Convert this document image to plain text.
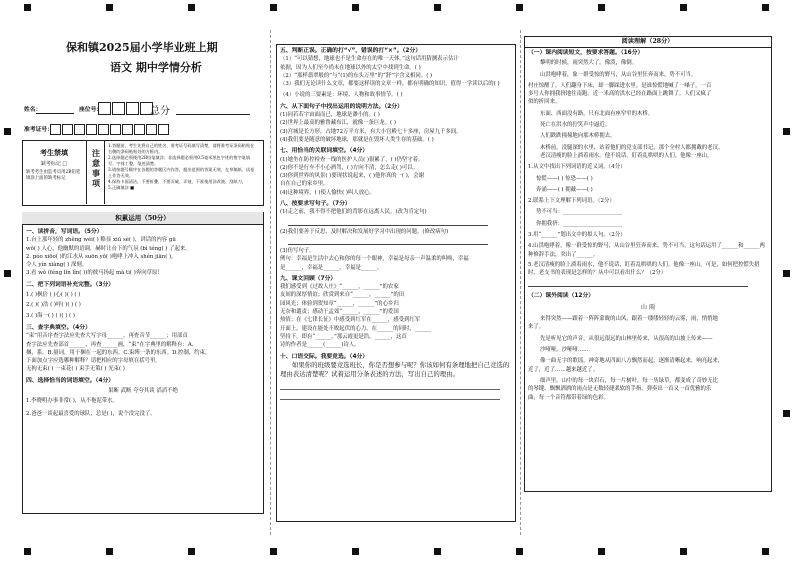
保和镇2025届小学毕业班上期
语文 期中学情分析
姓名：	座位号：	总分
准考证号：
考生禁填
缺考标记 □
缺考考生由监考员用2B铅笔填涂上面的缺考标记
注意事项
1.答题前，考生先将自己的姓名、准考证号码填写清楚，请将准考证条码粘贴在右侧的条码粘贴处的方框内。
2.选择题必须使用2B铅笔填涂；非选择题必须用0.5毫米黑色字迹的签字笔填写，字体工整，笔迹清楚。
3.请按题号顺序在各题的答题区内作答，超出范围的答案无效，在草稿纸、试卷上作答无效。
4.保持卡面清洁，不要折叠、不要弄破、弄皱，不准使用涂改液、刮纸刀。
5.正确填涂 ■
积累运用（50分）
一、读拼音，写词语。（5分）
1.台上那年轻的 zhěng wéi( ) 略显 xiū sè( )，讲话的内容 gū
wǒ( ) 人心，他幽默的语调，赫时让台下的气氛 (bì téng( ) 了起来。
2. póo xiōo( )的江水从 suōn yǒ( )咆哮上冲入 shěn jiān( )，
令人 yín xiàng( ) 深刻。
3.看 wǒ (féng lǐn lǐn( ))的彼马扬起 mǎ ti( )奔向草原！
二、把下列词语补充完整。（3分）
1.( )枫倍 ( )心( )( ) ( )
2.( )( )浩 ( )呼( )( ) ( )
3.( )海一( ) ( )( ) ( )
三、查字典填空。（4分）
“束”用音序查字法应先查大写字母______，再查音节______；用部首
查字法应先查部首______，再查______画，“束”在字典里的解释有：A.
捆，系。B.量词，用于捆在一起的东西。C.束缚一条的东西。D.控制，约束。
下面加点字应选哪种解释？请把相应的字母填在括号里。
无拘无束( ) 一束花( ) 束手无策( ) 光束( )
四、选择恰当的词语填空。（4分）
果断 武断 夸夸其谈 滔滔不绝
1.李晓明办事非常( )，从不拖泥带水。
2.爸爸一谈起最喜爱的球队，总是( )，说个没完没了。
五、判断正误。正确的打“√”，错误的打“×”。（2分）
（1）“可以猜想，地球也不是生命存在的唯一天体。”这句话用猜测表示估计
依据，因为人们至今尚未在地球以外的太空中找到生命。( )
（2）“那样翡翠般的”与“(1)的东头万里”的“舒”字含义相同。( )
（3）我们无论读什么文章，都要这样读的文章一样，都有明确的知识，值得一学读以后的( )
（4）小说的三要素是：环境、人物和故事情节。( )
六、从下面句子中找出运用的说明方法。（2分）
(1)同若若宇宙面而已，地球是渺小的。( )
(2)世界上最高的雅鲁藏布江，就像一条巨龙。( )
(3)宫城是长方形，占地72万平方米，有大小宫殿七十多座，房屋九千多间。
(4)我们要是随意的破坏地球，那就是在毁坏人类生存的基础。( )
七、用恰当的关联词填空。（4分）
(1)她坐在防控检查一线的医护人员( )很累了，( )仍坚守着。
(2)你不是行车不小心酒驾，( )方向不清，怎么走( )可以。
(3)你到世界的风景( )要现状说起来，( )他你真的一( )，会谢
自在自己的家乡里。
(4)这种境界，( )使人愉快( )叫人放心。
八、按要求写句子。（7分）
(1)走之前，我不得不把他们的背影在远离人民。(改为肯定句)
(2)我们要善于反思，及时解决和发展好学习中出现的问题。(修改病句)
(3)仿写句子。
例句：幸福是生活中去心和你的每一个眼神，幸福是母亲一声温柔的叫唤，幸福
是______，幸福是______，幸福是______。
九、课文回顾（7分）
我们感受到《过故人庄》“______，______”的农家
友间的深厚情谊；欣赏到来自“______，______”的田
园风光；体验到贺知章“______，______”的心乡归
无奈和谴责；感动于孟郊“______，______”的爱国
热情；在《七律长征》中感受到红军在______，感受到红军
开面上，建设在能处不败起伏的心力。在______的同时，______
坚持下，即有“______，”那云霞更是浩，______，这首
诗的作者是______(______)诗人。
十、口语交际。我要竞选。（4分）
如果你的班级要竞选班长，你是否想参与呢？你该如何有条理地把自己竞选的理由表达清楚呢？试着运用分条表述的方法，写出自己的理由。
阅读理解（28分）
（一）课内阅读短文，按要求答题。（16分）
黎明的时候，雨突然大了。像泼，像倒。
山洪咆哮着，象一群受惊的野马，从山谷里狂奔而来，势不可当。
村庄惊醒了。人们翻身下床，却一脚踩进水里。是谁惊慌地喊了一嗓子，一百
多号人你拥我挤地往南跑。近一米高的洪水已经在路面上跳舞了。人们又疯了
似的折回来。
东面、西面没有路，只有北面有座窄窄的木桥。
死亡在洪水的狞笑声中逼近。
人们跌跌撞撞地向那木桥拥去。
木桥前，没腿深的水里，站着他们的党支部书记，那个全村人都拥戴的老汉。
老汉清瘦的脸上淌着雨水。他不说话，盯着乱哄哄的人们。他像一座山。
1.从文中找出下列词语的近义词。（4分）
惊慌——( ) 惊恐——( )
奔涌——( ) 拥戴——( )
2.联系上下文理解下列词语。（2分）
势不可当：______________________
你拥我挤：______________________
3.用“______”划出文中的拟人句。（2分）
4.山洪咆哮着，像一群受惊的野马，从山谷里狂奔而来，势不可当。这句话运用了______和______两种修辞手法，突出了______。
5.老汉清瘦的脸上淌着雨水，他不说话，盯着乱哄哄的人们。他像一座山。可是，如何把控慌失措时，老支书的表现是怎样的？从中可以看出什么？（2分）
（二）课外阅读（12分）
山 雨
来得突然——跟着一阵阵蒙眬的山风，跟着一缕缕轻轻的云雾，雨，悄悄地
来了。
先是听见它的声音，从很远很远的山林里传来，从很高的山坡上传来——
沙哑哑，沙哑哑……
像一曲无字的歌谣，神奇地从四面八方飘然而起，逐渐清晰起来，响亮起来，
近了，近了……越来越近了。
细声里，山中的每一块岩石，每一片树叶，每一丛绿草，都变成了奇妙无比
的琴键，飘飘洒洒的雨点是无数轻捷柔软的手指，弹奏出一首又一首优雅的乐
曲，每一个音符都带着绿的色彩。
